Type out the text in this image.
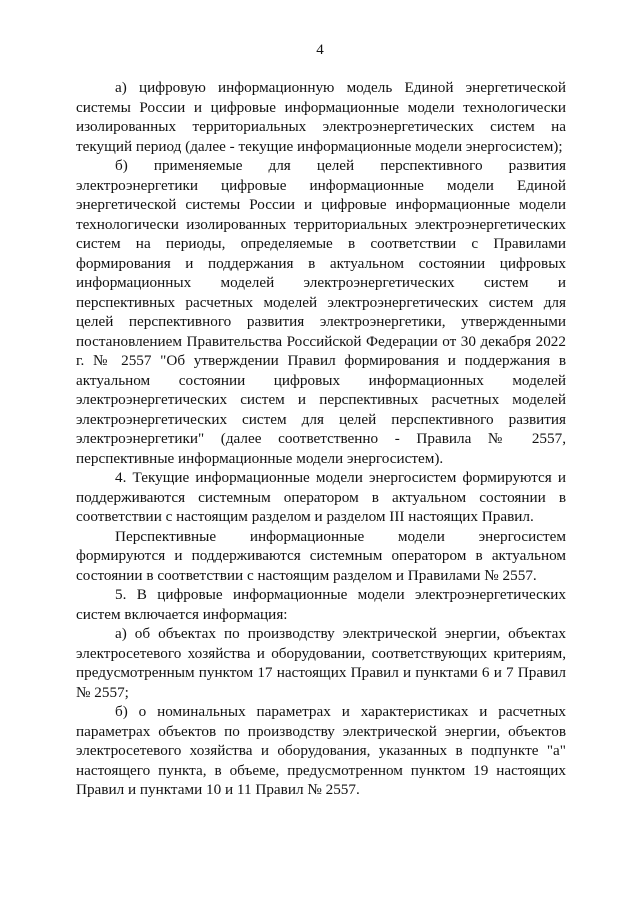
4

а) цифровую информационную модель Единой энергетической системы России и цифровые информационные модели технологически изолированных территориальных электроэнергетических систем на текущий период (далее - текущие информационные модели энергосистем);

б) применяемые для целей перспективного развития электроэнергетики цифровые информационные модели Единой энергетической системы России и цифровые информационные модели технологически изолированных территориальных электроэнергетических систем на периоды, определяемые в соответствии с Правилами формирования и поддержания в актуальном состоянии цифровых информационных моделей электроэнергетических систем и перспективных расчетных моделей электроэнергетических систем для целей перспективного развития электроэнергетики, утвержденными постановлением Правительства Российской Федерации от 30 декабря 2022 г. № 2557 "Об утверждении Правил формирования и поддержания в актуальном состоянии цифровых информационных моделей электроэнергетических систем и перспективных расчетных моделей электроэнергетических систем для целей перспективного развития электроэнергетики" (далее соответственно - Правила № 2557, перспективные информационные модели энергосистем).

4. Текущие информационные модели энергосистем формируются и поддерживаются системным оператором в актуальном состоянии в соответствии с настоящим разделом и разделом III настоящих Правил.

Перспективные информационные модели энергосистем формируются и поддерживаются системным оператором в актуальном состоянии в соответствии с настоящим разделом и Правилами № 2557.

5. В цифровые информационные модели электроэнергетических систем включается информация:

а) об объектах по производству электрической энергии, объектах электросетевого хозяйства и оборудовании, соответствующих критериям, предусмотренным пунктом 17 настоящих Правил и пунктами 6 и 7 Правил № 2557;

б) о номинальных параметрах и характеристиках и расчетных параметрах объектов по производству электрической энергии, объектов электросетевого хозяйства и оборудования, указанных в подпункте "а" настоящего пункта, в объеме, предусмотренном пунктом 19 настоящих Правил и пунктами 10 и 11 Правил № 2557.
